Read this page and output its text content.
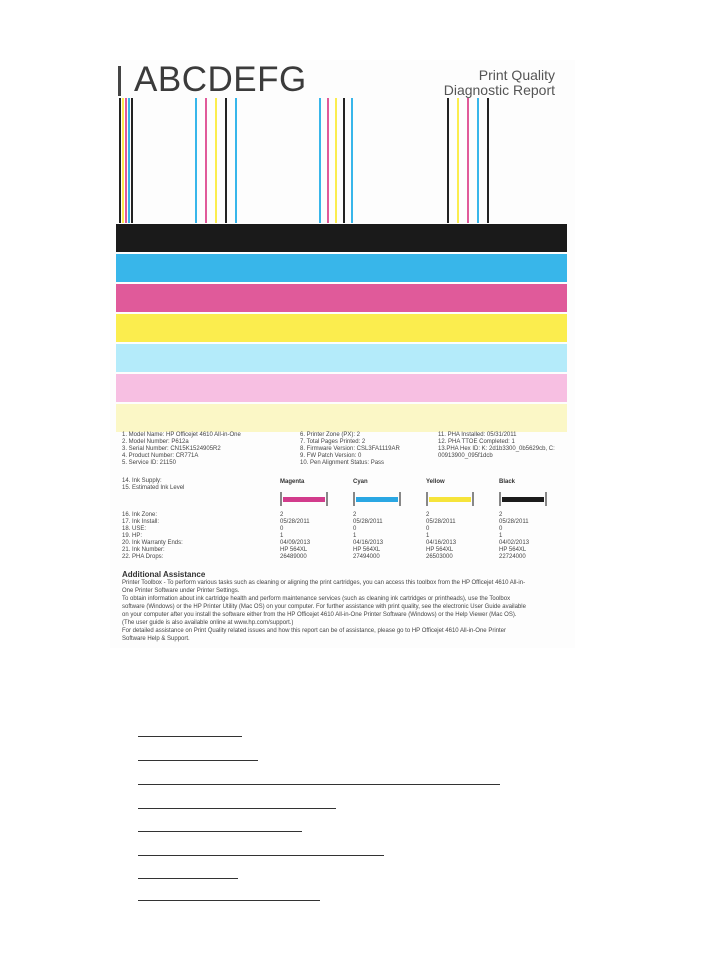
ABCDEFG	Print Quality
Diagnostic Report
1. Model Name: HP Officejet 4610 All-in-One
2. Model Number: P612a
3. Serial Number: CN15K1524905R2
4. Product Number: CR771A
5. Service ID: 21150
6. Printer Zone (PX): 2
7. Total Pages Printed: 2
8. Firmware Version: CSL3FA1119AR
9. FW Patch Version: 0
10. Pen Alignment Status: Pass
11. PHA Installed: 05/31/2011
12. PHA TTOE Completed: 1
13.PHA Hex ID: K: 2d1b3300_0b5629cb, C:
00913900_095f1dcb
14. Ink Supply:
15. Estimated Ink Level
Magenta
2
05/28/2011
0
1
04/09/2013
HP 564XL
26489000
Cyan
2
05/28/2011
0
1
04/16/2013
HP 564XL
27494000
Yellow
2
05/28/2011
0
1
04/16/2013
HP 564XL
26503000
Black
2
05/28/2011
0
1
04/02/2013
HP 564XL
22724000
16. Ink Zone:
17. Ink Install:
18. USE:
19. HP:
20. Ink Warranty Ends:
21. Ink Number:
22. PHA Drops:
Additional Assistance
Printer Toolbox - To perform various tasks such as cleaning or aligning the print cartridges, you can access this toolbox from the HP Officejet 4610 All-in-
One Printer Software under Printer Settings.
To obtain information about ink cartridge health and perform maintenance services (such as cleaning ink cartridges or printheads), use the Toolbox
software (Windows) or the HP Printer Utility (Mac OS) on your computer. For further assistance with print quality, see the electronic User Guide available
on your computer after you install the software either from the HP Officejet 4610 All-in-One Printer Software (Windows) or the Help Viewer (Mac OS).
(The user guide is also available online at www.hp.com/support.)
For detailed assistance on Print Quality related issues and how this report can be of assistance, please go to HP Officejet 4610 All-in-One Printer
Software Help & Support.
